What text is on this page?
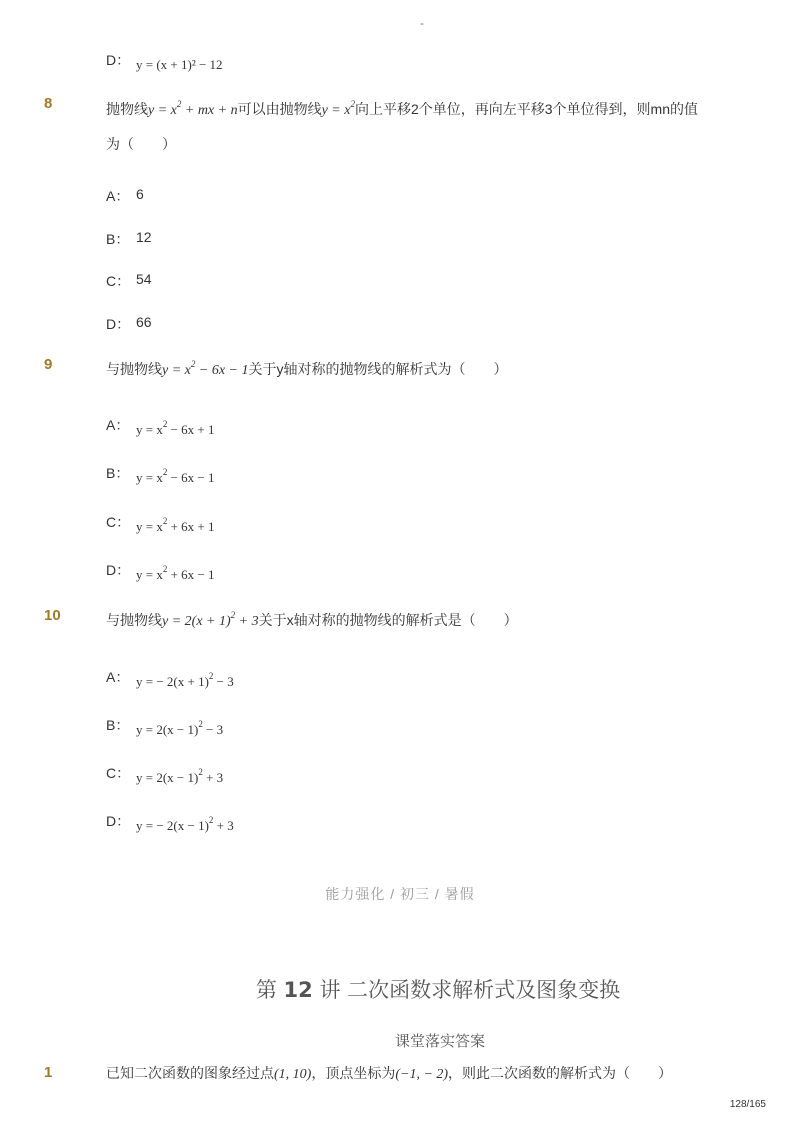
-
D： y = (x + 1)² − 12
8	抛物线$y = x^2$ + mx + n可以由抛物线$y = x^2$向上平移2个单位，再向左平移3个单位得到，则mn的值
为（　　）
A： 6
B： 12
C： 54
D： 66
9	与抛物线$y = x^2 - 6x - 1$关于y轴对称的抛物线的解析式为（　　）
A： $y = x^2 - 6x + 1$
B： $y = x^2 - 6x - 1$
C： $y = x^2 + 6x + 1$
D： $y = x^2 + 6x - 1$
10	与抛物线$y = 2(x + 1)^2 + 3$关于x轴对称的抛物线的解析式是（　　）
A： y = − $2(x + 1)^2 - 3$
B： $y = 2(x - 1)^2 - 3$
C： $y = 2(x - 1)^2 + 3$
D： y = − $2(x - 1)^2 + 3$
能力强化 / 初三 / 暑假
第 12 讲 二次函数求解析式及图象变换
课堂落实答案
1	已知二次函数的图象经过点(1, 10)，顶点坐标为(−1, − 2)，则此二次函数的解析式为（　　）
128/165
